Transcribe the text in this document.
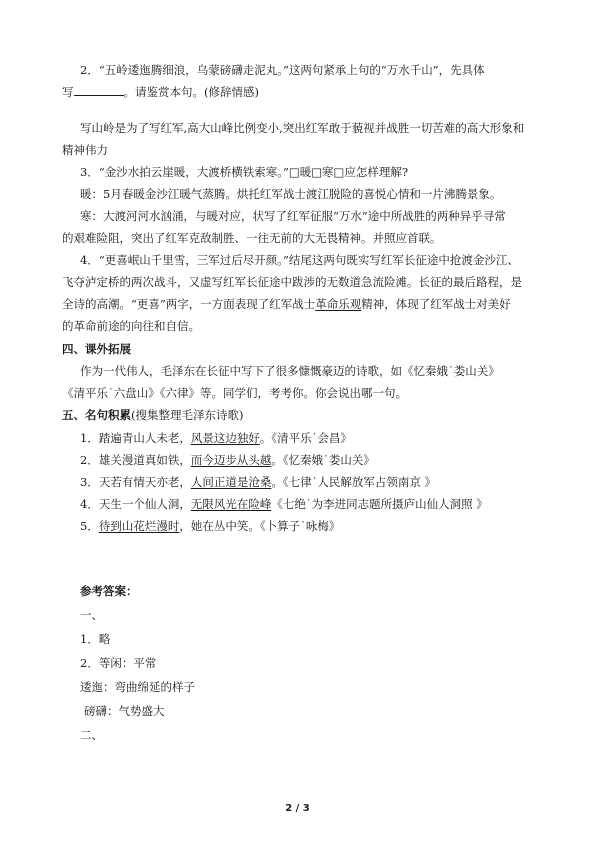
2．“五岭逶迤腾细浪，乌蒙磅礴走泥丸。”这两句紧承上句的“万水千山”，先具体
写	。请鉴赏本句。(修辞情感)
写山岭是为了写红军,高大山峰比例变小,突出红军敢于藐视并战胜一切苦难的高大形象和
精神伟力
3．“金沙水拍云崖暖，大渡桥横铁索寒。”□暖□寒□应怎样理解?
暖：5月春暖金沙江暖气蒸腾。烘托红军战士渡江脱险的喜悦心情和一片沸腾景象。
寒：大渡河河水汹涌，与暖对应，状写了红军征服“万水”途中所战胜的两种异乎寻常
的艰难险阻，突出了红军克敌制胜、一往无前的大无畏精神。并照应首联。
4．“更喜岷山千里雪，三军过后尽开颜。”结尾这两句既实写红军长征途中抢渡金沙江、
飞夺泸定桥的两次战斗，又虚写红军长征途中跋涉的无数道急流险滩。长征的最后路程，是
全诗的高潮。“更喜”两字，一方面表现了红军战士革命乐观精神，体现了红军战士对美好
的革命前途的向往和自信。
四、课外拓展
作为一代伟人，毛泽东在长征中写下了很多慷慨豪迈的诗歌，如《忆秦娥˙娄山关》
《清平乐˙六盘山》《六律》等。同学们，考考你。你会说出哪一句。
五、名句积累(搜集整理毛泽东诗歌)
1．踏遍青山人未老，风景这边独好。《清平乐˙会昌》
2．雄关漫道真如铁，而今迈步从头越。《忆秦娥˙娄山关》
3．天若有情天亦老，人间正道是沧桑。《七律˙人民解放军占领南京 》
4．天生一个仙人洞，无限风光在险峰《七绝˙为李进同志题所摄庐山仙人洞照 》
5．待到山花烂漫时，她在丛中笑。《卜算子˙咏梅》
参考答案：
一、
1．略
2．等闲：平常
逶迤：弯曲绵延的样子
磅礴：气势盛大
二、
2 / 3
